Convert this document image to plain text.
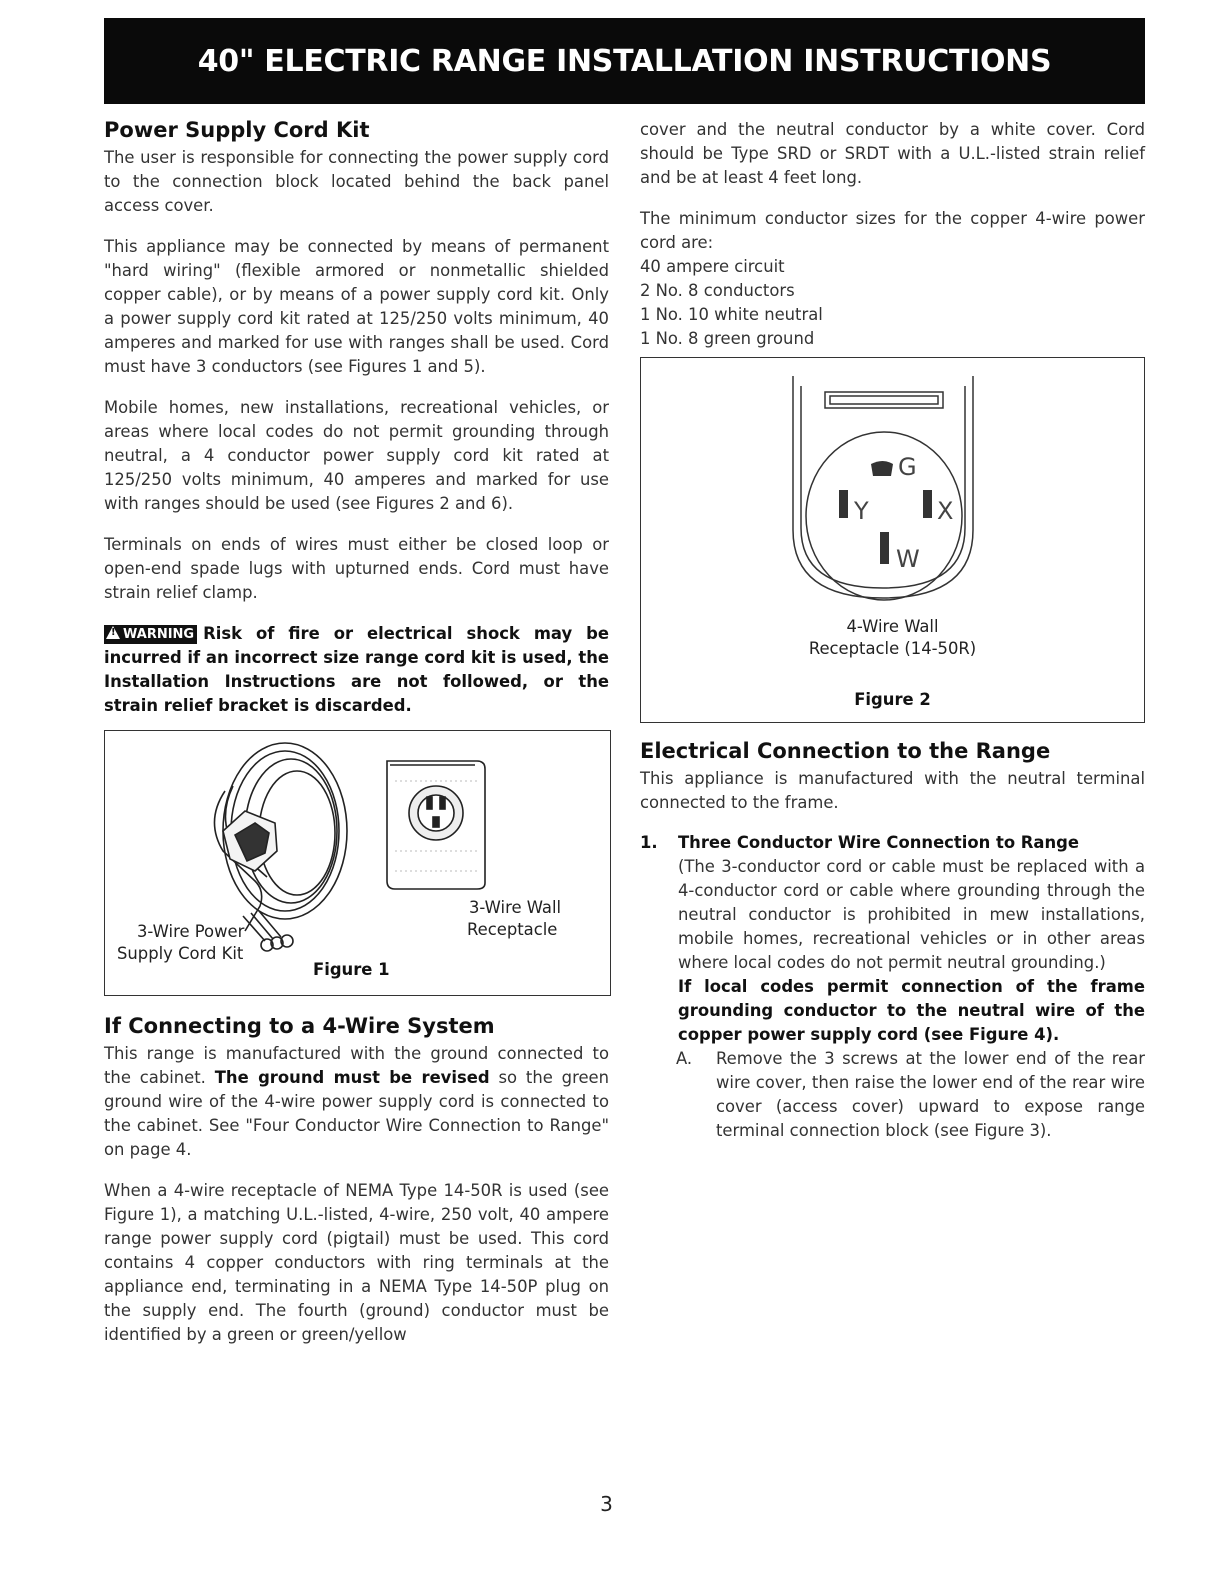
40" ELECTRIC RANGE INSTALLATION INSTRUCTIONS
Power Supply Cord Kit

The user is responsible for connecting the power supply cord to the connection block located behind the back panel access cover.

This appliance may be connected by means of permanent "hard wiring" (flexible armored or nonmetallic shielded copper cable), or by means of a power supply cord kit. Only a power supply cord kit rated at 125/250 volts minimum, 40 amperes and marked for use with ranges shall be used. Cord must have 3 conductors (see Figures 1 and 5).

Mobile homes, new installations, recreational vehicles, or areas where local codes do not permit grounding through neutral, a 4 conductor power supply cord kit rated at 125/250 volts minimum, 40 amperes and marked for use with ranges should be used (see Figures 2 and 6).

Terminals on ends of wires must either be closed loop or open-end spade lugs with upturned ends. Cord must have strain relief clamp.

!WARNING Risk of fire or electrical shock may be incurred if an incorrect size range cord kit is used, the Installation Instructions are not followed, or the strain relief bracket is discarded.
3-Wire Power
Supply Cord Kit
3-Wire Wall
Receptacle
Figure 1
If Connecting to a 4-Wire System

This range is manufactured with the ground connected to the cabinet. The ground must be revised so the green ground wire of the 4-wire power supply cord is connected to the cabinet. See "Four Conductor Wire Connection to Range" on page 4.

When a 4-wire receptacle of NEMA Type 14-50R is used (see Figure 1), a matching U.L.-listed, 4-wire, 250 volt, 40 ampere range power supply cord (pigtail) must be used. This cord contains 4 copper conductors with ring terminals at the appliance end, terminating in a NEMA Type 14-50P plug on the supply end. The fourth (ground) conductor must be identified by a green or green/yellow

cover and the neutral conductor by a white cover. Cord should be Type SRD or SRDT with a U.L.-listed strain relief and be at least 4 feet long.

The minimum conductor sizes for the copper 4-wire power cord are:

40 ampere circuit
2 No. 8 conductors
1 No. 10 white neutral
1 No. 8 green ground
G
Y	X
W
4-Wire Wall
Receptacle (14-50R)
Figure 2
Electrical Connection to the Range

This appliance is manufactured with the neutral terminal connected to the frame.

1.	Three Conductor Wire Connection to Range

(The 3-conductor cord or cable must be replaced with a 4-conductor cord or cable where grounding through the neutral conductor is prohibited in mew installations, mobile homes, recreational vehicles or in other areas where local codes do not permit neutral grounding.)

If local codes permit connection of the frame grounding conductor to the neutral wire of the copper power supply cord (see Figure 4).

A.	Remove the 3 screws at the lower end of the rear wire cover, then raise the lower end of the rear wire cover (access cover) upward to expose range terminal connection block (see Figure 3).

3
